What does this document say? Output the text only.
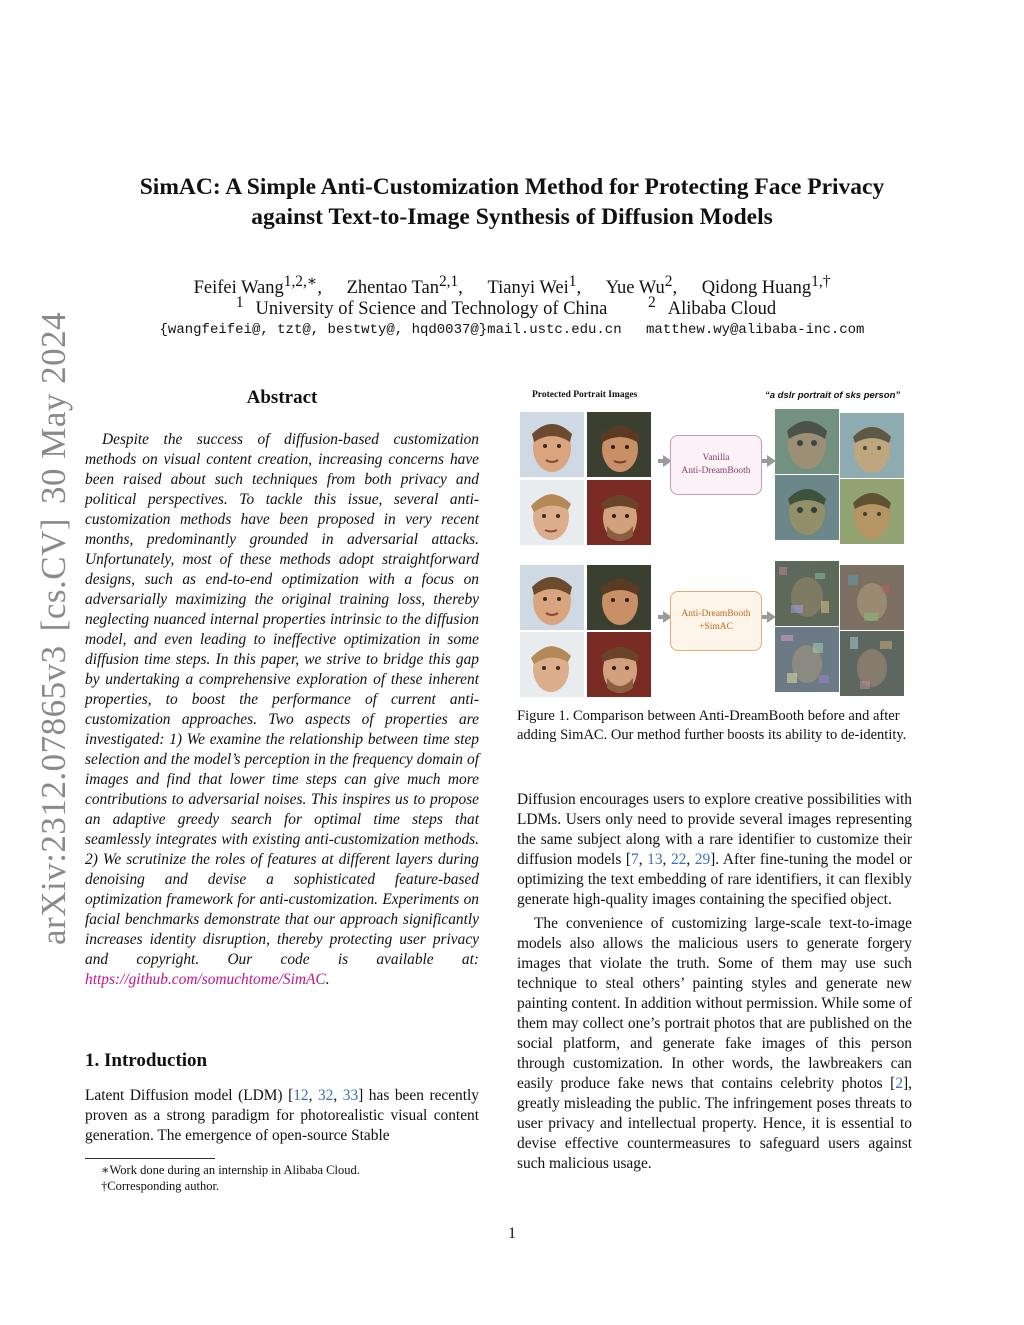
arXiv:2312.07865v3[cs.CV]30 May 2024
SimAC: A Simple Anti-Customization Method for Protecting Face Privacy
against Text-to-Image Synthesis of Diffusion Models
Feifei Wang$^{1,2,∗}$, Zhentao Tan$^{2,1}$, Tianyi Wei$^1$, Yue Wu$^2$, Qidong Huang$^{1,\dagger}$
$^1$ University of Science and Technology of China	$^2$ Alibaba Cloud
{wangfeifei@, tzt@, bestwty@, hqd0037@}mail.ustc.edu.cn matthew.wy@alibaba-inc.com
Abstract
Despite the success of diffusion-based customization methods on visual content creation, increasing concerns have been raised about such techniques from both privacy and political perspectives. To tackle this issue, several anti-customization methods have been proposed in very recent months, predominantly grounded in adversarial attacks. Unfortunately, most of these methods adopt straightforward designs, such as end-to-end optimization with a focus on adversarially maximizing the original training loss, thereby neglecting nuanced internal properties intrinsic to the diffusion model, and even leading to ineffective optimization in some diffusion time steps. In this paper, we strive to bridge this gap by undertaking a comprehensive exploration of these inherent properties, to boost the performance of current anti-customization approaches. Two aspects of properties are investigated: 1) We examine the relationship between time step selection and the model’s perception in the frequency domain of images and find that lower time steps can give much more contributions to adversarial noises. This inspires us to propose an adaptive greedy search for optimal time steps that seamlessly integrates with existing anti-customization methods. 2) We scrutinize the roles of features at different layers during denoising and devise a sophisticated feature-based optimization framework for anti-customization. Experiments on facial benchmarks demonstrate that our approach significantly increases identity disruption, thereby protecting user privacy and copyright. Our code is available at: https://github.com/somuchtome/SimAC.
1. Introduction
Latent Diffusion model (LDM) [12, 32, 33] has been recently proven as a strong paradigm for photorealistic visual content generation. The emergence of open-source Stable

∗Work done during an internship in Alibaba Cloud.

†Corresponding author.

Protected Portrait Images	“a dslr portrait of sks person”
Vanilla
Anti-DreamBooth
Anti-DreamBooth
+SimAC
Figure 1. Comparison between Anti-DreamBooth before and after adding SimAC. Our method further boosts its ability to de-identity.

Diffusion encourages users to explore creative possibilities with LDMs. Users only need to provide several images representing the same subject along with a rare identifier to customize their diffusion models [7, 13, 22, 29]. After fine-tuning the model or optimizing the text embedding of rare identifiers, it can flexibly generate high-quality images containing the specified object.

The convenience of customizing large-scale text-to-image models also allows the malicious users to generate forgery images that violate the truth. Some of them may use such technique to steal others’ painting styles and generate new painting content. In addition without permission. While some of them may collect one’s portrait photos that are published on the social platform, and generate fake images of this person through customization. In other words, the lawbreakers can easily produce fake news that contains celebrity photos [2], greatly misleading the public. The infringement poses threats to user privacy and intellectual property. Hence, it is essential to devise effective countermeasures to safeguard users against such malicious usage.

1
